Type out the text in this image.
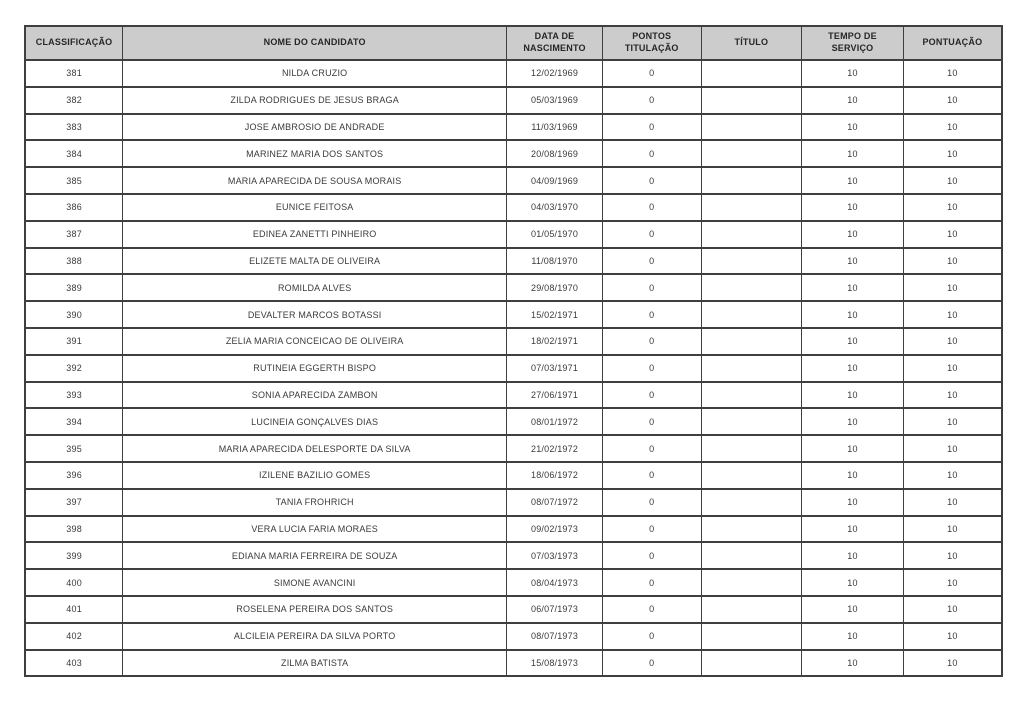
CLASSIFICAÇÃO	NOME DO CANDIDATO	DATA DE NASCIMENTO	PONTOS TITULAÇÃO	TÍTULO	TEMPO DE SERVIÇO	PONTUAÇÃO
381	NILDA CRUZIO	12/02/1969	0		10	10
382	ZILDA RODRIGUES DE JESUS BRAGA	05/03/1969	0		10	10
383	JOSE AMBROSIO DE ANDRADE	11/03/1969	0		10	10
384	MARINEZ MARIA DOS SANTOS	20/08/1969	0		10	10
385	MARIA APARECIDA DE SOUSA MORAIS	04/09/1969	0		10	10
386	EUNICE FEITOSA	04/03/1970	0		10	10
387	EDINEA ZANETTI PINHEIRO	01/05/1970	0		10	10
388	ELIZETE MALTA DE OLIVEIRA	11/08/1970	0		10	10
389	ROMILDA ALVES	29/08/1970	0		10	10
390	DEVALTER MARCOS BOTASSI	15/02/1971	0		10	10
391	ZELIA MARIA CONCEICAO DE OLIVEIRA	18/02/1971	0		10	10
392	RUTINEIA EGGERTH BISPO	07/03/1971	0		10	10
393	SONIA APARECIDA ZAMBON	27/06/1971	0		10	10
394	LUCINEIA GONÇALVES DIAS	08/01/1972	0		10	10
395	MARIA APARECIDA DELESPORTE DA SILVA	21/02/1972	0		10	10
396	IZILENE BAZILIO GOMES	18/06/1972	0		10	10
397	TANIA FROHRICH	08/07/1972	0		10	10
398	VERA LUCIA FARIA MORAES	09/02/1973	0		10	10
399	EDIANA MARIA FERREIRA DE SOUZA	07/03/1973	0		10	10
400	SIMONE AVANCINI	08/04/1973	0		10	10
401	ROSELENA PEREIRA DOS SANTOS	06/07/1973	0		10	10
402	ALCILEIA PEREIRA DA SILVA PORTO	08/07/1973	0		10	10
403	ZILMA BATISTA	15/08/1973	0		10	10
